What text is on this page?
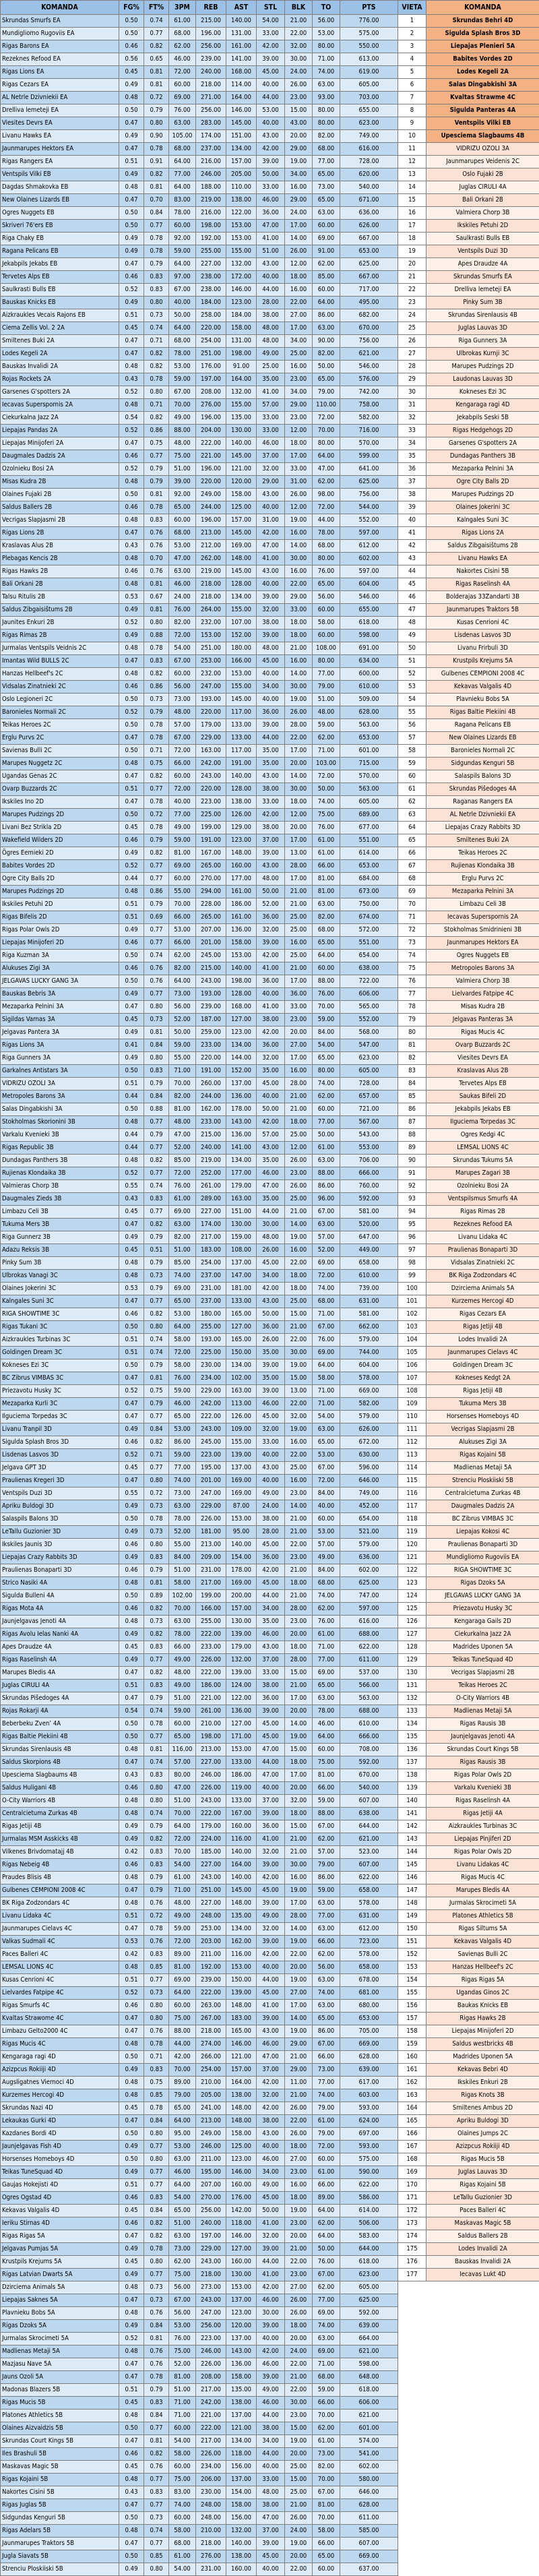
KOMANDA	FG%	FT%	3PM	REB	AST	STL	BLK	TO	PTS
Skrundas Smurfs EA	0.50	0.74	61.00	215.00	140.00	54.00	21.00	56.00	776.00
Mundigliomo Rugoviis EA	0.50	0.77	68.00	196.00	131.00	33.00	22.00	53.00	575.00
Rigas Barons EA	0.46	0.82	62.00	256.00	161.00	42.00	32.00	80.00	550.00
Rezeknes Refood EA	0.56	0.65	46.00	239.00	141.00	39.00	30.00	71.00	613.00
Rigas Lions EA	0.45	0.81	72.00	240.00	168.00	45.00	24.00	74.00	619.00
Rigas Cezars EA	0.49	0.81	60.00	218.00	114.00	40.00	26.00	63.00	605.00
AL Netrle Dzivniekii EA	0.48	0.72	69.00	271.00	164.00	44.00	23.00	93.00	703.00
Drelliva lemeteji EA	0.50	0.79	76.00	256.00	146.00	53.00	15.00	80.00	655.00
Viesites Devrs EA	0.47	0.80	63.00	283.00	145.00	40.00	43.00	80.00	623.00
Livanu Hawks EA	0.49	0.90	105.00	174.00	151.00	43.00	20.00	82.00	749.00
Jaunmarupes Hektors EA	0.47	0.78	68.00	237.00	134.00	42.00	29.00	68.00	616.00
Rigas Rangers EA	0.51	0.91	64.00	216.00	157.00	39.00	19.00	77.00	728.00
Ventspils Vilki EB	0.49	0.82	77.00	246.00	205.00	50.00	34.00	65.00	620.00
Dagdas Shmakovka EB	0.48	0.81	64.00	188.00	110.00	33.00	16.00	73.00	540.00
New Olaines Lizards EB	0.47	0.70	83.00	219.00	138.00	46.00	29.00	65.00	671.00
Ogres Nuggets EB	0.50	0.84	78.00	216.00	122.00	36.00	24.00	63.00	636.00
Skriveri 76'ers EB	0.50	0.77	60.00	198.00	153.00	47.00	17.00	60.00	626.00
Riga Chaky EB	0.49	0.78	92.00	192.00	153.00	41.00	14.00	69.00	667.00
Ragana Pelicans EB	0.49	0.78	59.00	255.00	155.00	51.00	26.00	91.00	653.00
Jekabpils Jekabs EB	0.47	0.79	64.00	227.00	132.00	43.00	12.00	62.00	625.00
Tervetes Alps EB	0.46	0.83	97.00	238.00	172.00	40.00	18.00	85.00	667.00
Saulkrasti Bulls EB	0.52	0.83	67.00	238.00	146.00	44.00	16.00	60.00	717.00
Bauskas Knicks EB	0.49	0.80	40.00	184.00	123.00	28.00	22.00	64.00	495.00
Aizkraukles Vecais Rajons EB	0.51	0.73	50.00	258.00	184.00	38.00	27.00	86.00	682.00
Ciema Zellis Vol. 2 2A	0.45	0.74	64.00	220.00	158.00	48.00	17.00	63.00	670.00
Smiltenes Buki 2A	0.47	0.71	68.00	254.00	131.00	48.00	34.00	90.00	756.00
Lodes Kegeli 2A	0.47	0.82	78.00	251.00	198.00	49.00	25.00	82.00	621.00
Bauskas Invalidi 2A	0.48	0.82	53.00	176.00	91.00	25.00	16.00	50.00	546.00
Rojas Rockets 2A	0.43	0.78	59.00	197.00	164.00	35.00	23.00	65.00	576.00
Garsenes G'spotters 2A	0.52	0.80	67.00	208.00	132.00	41.00	34.00	79.00	742.00
Iecavas Superspornis 2A	0.48	0.71	70.00	276.00	155.00	57.00	29.00	110.00	758.00
Ciekurkalna Jazz 2A	0.54	0.82	49.00	196.00	135.00	33.00	23.00	72.00	582.00
Liepajas Pandas 2A	0.52	0.86	88.00	204.00	130.00	33.00	12.00	70.00	716.00
Liepajas Minijoferi 2A	0.47	0.75	48.00	222.00	140.00	46.00	18.00	80.00	570.00
Daugmales Dadzis 2A	0.46	0.77	75.00	221.00	145.00	37.00	17.00	64.00	599.00
Ozolnieku Bosi 2A	0.52	0.79	51.00	196.00	121.00	32.00	33.00	47.00	641.00
Misas Kudra 2B	0.48	0.79	39.00	220.00	120.00	29.00	31.00	62.00	625.00
Olaines Fujaki 2B	0.50	0.81	92.00	249.00	158.00	43.00	26.00	98.00	756.00
Saldus Ballers 2B	0.46	0.78	65.00	244.00	125.00	40.00	12.00	72.00	544.00
Vecrigas Slapjasmi 2B	0.48	0.83	60.00	196.00	157.00	31.00	19.00	44.00	552.00
Rigas Lions 2B	0.47	0.76	68.00	213.00	145.00	42.00	16.00	78.00	597.00
Kraslavas Alus 2B	0.43	0.76	53.00	212.00	169.00	47.00	14.00	68.00	612.00
Plebagas Kencis 2B	0.48	0.70	47.00	262.00	148.00	41.00	30.00	80.00	602.00
Rigas Hawks 2B	0.46	0.76	63.00	219.00	145.00	43.00	16.00	76.00	597.00
Bali Orkani 2B	0.48	0.81	46.00	218.00	128.00	40.00	22.00	65.00	604.00
Talsu Ritulis 2B	0.53	0.67	24.00	218.00	134.00	39.00	29.00	56.00	546.00
Saldus Zibgaisištums 2B	0.49	0.81	76.00	264.00	155.00	32.00	33.00	60.00	655.00
Jaunites Enkuri 2B	0.52	0.80	82.00	232.00	107.00	38.00	18.00	58.00	618.00
Rigas Rimas 2B	0.49	0.88	72.00	153.00	152.00	39.00	18.00	60.00	598.00
Jurmalas Ventspils Veidnis 2C	0.48	0.78	54.00	251.00	180.00	48.00	21.00	108.00	691.00
Imantas Wild BULLS 2C	0.47	0.83	67.00	253.00	166.00	45.00	16.00	80.00	634.00
Hanzas Hellbeef's 2C	0.48	0.82	60.00	232.00	153.00	40.00	14.00	77.00	600.00
Vidsalas Zinatnieki 2C	0.46	0.86	56.00	247.00	155.00	34.00	30.00	79.00	610.00
Oslo Legioneri 2C	0.50	0.73	73.00	193.00	145.00	40.00	19.00	51.00	509.00
Baronieles Normali 2C	0.52	0.79	48.00	220.00	117.00	36.00	26.00	48.00	628.00
Teikas Heroes 2C	0.50	0.78	57.00	179.00	133.00	39.00	28.00	59.00	563.00
Erglu Purvs 2C	0.47	0.78	67.00	229.00	133.00	44.00	22.00	62.00	653.00
Savienas Bulli 2C	0.50	0.71	72.00	163.00	117.00	35.00	17.00	71.00	601.00
Marupes Nuggetz 2C	0.48	0.75	66.00	242.00	191.00	35.00	20.00	103.00	715.00
Ugandas Genas 2C	0.47	0.82	60.00	243.00	140.00	43.00	14.00	72.00	570.00
Ovarp Buzzards 2C	0.51	0.77	72.00	220.00	128.00	38.00	30.00	50.00	563.00
Ikskiles Ino 2D	0.47	0.78	40.00	223.00	138.00	33.00	18.00	74.00	605.00
Marupes Pudzings 2D	0.50	0.72	77.00	225.00	126.00	42.00	12.00	75.00	689.00
Livani Bez Strikla 2D	0.45	0.78	49.00	199.00	129.00	38.00	20.00	76.00	677.00
Wakefield Wilders 2D	0.46	0.79	59.00	191.00	123.00	37.00	17.00	61.00	551.00
Ögres Eemieki 2D	0.49	0.82	81.00	167.00	148.00	39.00	13.00	61.00	614.00
Babites Vordes 2D	0.52	0.77	69.00	265.00	160.00	43.00	28.00	66.00	653.00
Ogre City Balls 2D	0.44	0.77	60.00	270.00	177.00	48.00	17.00	81.00	684.00
Marupes Pudzings 2D	0.48	0.86	55.00	294.00	161.00	50.00	21.00	81.00	673.00
Ikskiles Petuhi 2D	0.51	0.79	70.00	228.00	186.00	52.00	21.00	63.00	750.00
Rigas Bifelis 2D	0.51	0.69	66.00	265.00	161.00	36.00	25.00	82.00	674.00
Rigas Polar Owls 2D	0.49	0.77	53.00	207.00	136.00	32.00	25.00	68.00	572.00
Liepajas Minijoferi 2D	0.46	0.77	66.00	201.00	158.00	39.00	16.00	65.00	551.00
Riga Kuzman 3A	0.50	0.74	62.00	245.00	153.00	42.00	25.00	64.00	654.00
Alukuses Zigi 3A	0.46	0.76	82.00	215.00	140.00	41.00	21.00	60.00	638.00
JELGAVAS LUCKY GANG 3A	0.50	0.76	64.00	243.00	198.00	36.00	17.00	88.00	722.00
Bauskas Bebris 3A	0.49	0.77	73.00	193.00	128.00	40.00	36.00	76.00	606.00
Mezaparka Pelnini 3A	0.47	0.80	56.00	239.00	168.00	41.00	33.00	70.00	565.00
Sigildas Varnas 3A	0.45	0.73	52.00	187.00	127.00	38.00	23.00	59.00	552.00
Jelgavas Pantera 3A	0.49	0.81	50.00	259.00	123.00	42.00	20.00	84.00	568.00
Rigas Lions 3A	0.41	0.84	59.00	233.00	134.00	36.00	27.00	54.00	547.00
Riga Gunners 3A	0.49	0.80	55.00	220.00	144.00	32.00	17.00	65.00	623.00
Garkalnes Antistars 3A	0.50	0.83	71.00	191.00	152.00	35.00	16.00	80.00	605.00
VIDRIZU OZOLI 3A	0.51	0.79	70.00	260.00	137.00	45.00	28.00	74.00	728.00
Metropoles Barons 3A	0.44	0.84	82.00	244.00	136.00	40.00	21.00	62.00	657.00
Salas Dingabkishi 3A	0.50	0.88	81.00	162.00	178.00	50.00	21.00	60.00	721.00
Stokholmas Skorionini 3B	0.48	0.77	48.00	233.00	143.00	42.00	18.00	77.00	567.00
Varkalu Kvenieki 3B	0.44	0.79	47.00	215.00	136.00	57.00	25.00	50.00	543.00
Rigas Republic 3B	0.44	0.77	52.00	240.00	141.00	43.00	12.00	61.00	553.00
Dundagas Panthers 3B	0.48	0.82	85.00	219.00	134.00	35.00	26.00	63.00	706.00
Rujienas Klondaika 3B	0.52	0.77	72.00	252.00	177.00	46.00	23.00	88.00	666.00
Valmieras Chorp 3B	0.55	0.74	76.00	261.00	179.00	47.00	26.00	86.00	760.00
Daugmales Zieds 3B	0.43	0.83	61.00	289.00	163.00	35.00	25.00	96.00	592.00
Limbazu Celi 3B	0.45	0.77	69.00	227.00	151.00	44.00	21.00	67.00	581.00
Tukuma Mers 3B	0.47	0.82	63.00	174.00	130.00	30.00	14.00	63.00	520.00
Riga Gunnerz 3B	0.49	0.79	82.00	217.00	159.00	48.00	19.00	57.00	647.00
Adazu Reksis 3B	0.45	0.51	51.00	183.00	108.00	26.00	16.00	52.00	449.00
Pinky Sum 3B	0.48	0.79	85.00	254.00	137.00	45.00	22.00	69.00	658.00
Ulbrokas Vanagi 3C	0.48	0.73	74.00	237.00	147.00	34.00	18.00	72.00	610.00
Olaines Jokerini 3C	0.53	0.79	69.00	231.00	181.00	42.00	18.00	74.00	739.00
Kalngales Suni 3C	0.47	0.77	65.00	237.00	133.00	43.00	25.00	68.00	631.00
RIGA SHOWTIME 3C	0.46	0.82	53.00	180.00	165.00	50.00	15.00	71.00	581.00
Rigas Tukani 3C	0.50	0.80	64.00	255.00	127.00	36.00	21.00	67.00	662.00
Aizkraukles Turbinas 3C	0.51	0.74	58.00	193.00	165.00	26.00	22.00	76.00	579.00
Goldingen Dream 3C	0.51	0.74	72.00	225.00	150.00	35.00	30.00	69.00	744.00
Kokneses Ezi 3C	0.50	0.79	58.00	230.00	134.00	39.00	19.00	64.00	604.00
BC Zibrus VIMBAS 3C	0.47	0.81	76.00	234.00	102.00	35.00	15.00	58.00	578.00
Priezavotu Husky 3C	0.52	0.75	59.00	229.00	163.00	39.00	13.00	71.00	669.00
Mezaparka Kurli 3C	0.47	0.79	46.00	242.00	113.00	46.00	22.00	71.00	582.00
Ilguciema Torpedas 3C	0.47	0.77	65.00	222.00	126.00	45.00	32.00	54.00	579.00
Livanu Tranpil 3D	0.49	0.84	53.00	243.00	109.00	32.00	19.00	63.00	626.00
Sigulda Splash Bros 3D	0.46	0.82	86.00	245.00	155.00	33.00	16.00	65.00	672.00
Lisdenas Lasvos 3D	0.52	0.71	59.00	223.00	139.00	40.00	22.00	53.00	630.00
Jelgava GPT 3D	0.45	0.77	77.00	195.00	137.00	43.00	25.00	67.00	596.00
Praulienas Kregeri 3D	0.47	0.80	74.00	201.00	169.00	40.00	16.00	72.00	646.00
Ventspils Duzi 3D	0.55	0.72	73.00	247.00	169.00	49.00	23.00	84.00	749.00
Apriku Buldogi 3D	0.49	0.73	63.00	229.00	87.00	24.00	14.00	40.00	452.00
Salaspils Balons 3D	0.50	0.78	78.00	226.00	153.00	38.00	21.00	60.00	654.00
LeTallu Guzionier 3D	0.49	0.73	52.00	181.00	95.00	28.00	21.00	53.00	521.00
Ikskiles Jaunis 3D	0.46	0.80	55.00	213.00	140.00	45.00	22.00	57.00	579.00
Liepajas Crazy Rabbits 3D	0.49	0.83	84.00	209.00	154.00	36.00	23.00	49.00	636.00
Praulienas Bonaparti 3D	0.46	0.79	51.00	231.00	178.00	42.00	21.00	84.00	602.00
Strico Nasiki 4A	0.48	0.81	58.00	217.00	169.00	45.00	18.00	68.00	625.00
Sigulda Bulleni 4A	0.50	0.89	102.00	199.00	200.00	44.00	21.00	74.00	747.00
Rigas Mota 4A	0.46	0.82	70.00	166.00	157.00	34.00	28.00	62.00	597.00
Jaunjelgavas Jenoti 4A	0.48	0.73	63.00	255.00	130.00	35.00	23.00	76.00	616.00
Rigas Avolu Ielas Nanki 4A	0.49	0.82	78.00	222.00	139.00	46.00	20.00	61.00	688.00
Apes Draudze 4A	0.45	0.83	66.00	233.00	179.00	43.00	18.00	71.00	622.00
Rigas Raselinsh 4A	0.49	0.77	49.00	226.00	132.00	37.00	28.00	77.00	611.00
Marupes Bledis 4A	0.47	0.82	48.00	222.00	139.00	33.00	15.00	69.00	537.00
Juglas CIRULI 4A	0.51	0.83	49.00	186.00	124.00	38.00	21.00	65.00	566.00
Skrundas Pišedoges 4A	0.47	0.79	51.00	221.00	122.00	36.00	17.00	63.00	563.00
Rojas Rokarji 4A	0.54	0.74	59.00	261.00	136.00	39.00	20.00	78.00	688.00
Beberbeku Zven’ 4A	0.50	0.78	60.00	210.00	127.00	45.00	14.00	46.00	610.00
Rigas Baltie Plekiini 4B	0.50	0.77	65.00	198.00	171.00	45.00	19.00	64.00	666.00
Skrundas Sirenlausis 4B	0.48	0.81	116.00	213.00	153.00	47.00	15.00	60.00	708.00
Saldus Skorpions 4B	0.47	0.74	57.00	227.00	133.00	44.00	18.00	75.00	592.00
Upesciema Slagbaums 4B	0.43	0.83	80.00	246.00	186.00	47.00	17.00	81.00	670.00
Saldus Huligani 4B	0.46	0.80	47.00	226.00	119.00	40.00	20.00	66.00	540.00
O-City Warriors 4B	0.48	0.80	51.00	243.00	133.00	37.00	32.00	59.00	607.00
Centralcietuma Zurkas 4B	0.48	0.74	70.00	222.00	167.00	39.00	18.00	88.00	638.00
Rigas Jetiji 4B	0.49	0.79	64.00	179.00	160.00	36.00	15.00	67.00	644.00
Jurmalas MSM Asskicks 4B	0.49	0.82	72.00	224.00	116.00	41.00	21.00	62.00	621.00
Vilkenes Brivdomatajj 4B	0.42	0.83	70.00	185.00	140.00	32.00	21.00	57.00	523.00
Rigas Nebeig 4B	0.46	0.83	54.00	227.00	164.00	39.00	30.00	79.00	607.00
Praudes Blisis 4B	0.48	0.79	61.00	243.00	140.00	42.00	16.00	86.00	622.00
Gulbenes CEMPIONI 2008 4C	0.47	0.79	71.00	251.00	145.00	45.00	19.00	59.00	658.00
BK Riga Zodzondars 4C	0.48	0.76	48.00	227.00	148.00	39.00	17.00	63.00	578.00
Livanu Lidaka 4C	0.51	0.72	49.00	248.00	135.00	49.00	28.00	77.00	631.00
Jaunmarupes Cielavs 4C	0.47	0.78	59.00	253.00	134.00	32.00	14.00	63.00	612.00
Valkas Sudmali 4C	0.53	0.76	72.00	203.00	162.00	39.00	19.00	66.00	723.00
Paces Balleri 4C	0.42	0.83	89.00	211.00	116.00	42.00	22.00	62.00	578.00
LEMSAL LIONS 4C	0.48	0.85	81.00	192.00	153.00	40.00	20.00	56.00	658.00
Kusas Cenrioni 4C	0.51	0.77	69.00	239.00	150.00	44.00	19.00	63.00	678.00
Lielvardes Fatpipe 4C	0.52	0.73	64.00	222.00	139.00	45.00	27.00	74.00	681.00
Rigas Smurfs 4C	0.46	0.80	60.00	263.00	148.00	41.00	17.00	63.00	680.00
Kvaltas Strawome 4C	0.47	0.80	75.00	267.00	183.00	39.00	14.00	65.00	653.00
Limbazu Gelto2000 4C	0.47	0.76	88.00	218.00	165.00	43.00	19.00	86.00	705.00
Rigas Mucis 4C	0.48	0.78	44.00	274.00	146.00	46.00	29.00	67.00	669.00
Kengaraga ragi 4D	0.50	0.71	42.00	266.00	121.00	47.00	21.00	66.00	628.00
Azizpcus Rokiiji 4D	0.49	0.83	70.00	254.00	157.00	37.00	29.00	73.00	639.00
Augsligatnes Viernoci 4D	0.48	0.75	89.00	210.00	164.00	42.00	11.00	77.00	617.00
Kurzemes Hercogi 4D	0.48	0.85	79.00	205.00	138.00	32.00	21.00	74.00	603.00
Skrundas Nazi 4D	0.45	0.78	65.00	241.00	148.00	42.00	26.00	79.00	593.00
Lekaukas Gurki 4D	0.47	0.84	64.00	213.00	148.00	38.00	22.00	61.00	624.00
Kazdanes Bordi 4D	0.50	0.80	95.00	249.00	158.00	43.00	26.00	79.00	697.00
Jaunjelgavas Fish 4D	0.49	0.77	53.00	246.00	125.00	40.00	18.00	72.00	593.00
Horsenses Homeboys 4D	0.50	0.80	63.00	211.00	123.00	46.00	27.00	60.00	575.00
Teikas TuneSquad 4D	0.49	0.77	46.00	195.00	146.00	34.00	23.00	61.00	590.00
Gaujas Hokejisti 4D	0.51	0.77	64.00	207.00	160.00	49.00	16.00	66.00	622.00
Ogres Ogstad 4D	0.46	0.83	54.00	270.00	176.00	45.00	18.00	89.00	586.00
Kekavas Valgalis 4D	0.45	0.84	65.00	256.00	142.00	50.00	19.00	64.00	614.00
Ieriku Stirnas 4D	0.46	0.82	51.00	240.00	118.00	41.00	23.00	62.00	506.00
Rigas Rigas 5A	0.47	0.82	63.00	197.00	146.00	32.00	20.00	64.00	583.00
Jelgavas Pumjas 5A	0.49	0.78	73.00	229.00	127.00	39.00	21.00	50.00	644.00
Krustpils Krejums 5A	0.45	0.80	62.00	243.00	160.00	44.00	22.00	76.00	618.00
Rigas Latvian Dwarts 5A	0.49	0.77	75.00	218.00	130.00	41.00	23.00	67.00	623.00
Dzirciema Animals 5A	0.48	0.73	56.00	273.00	153.00	42.00	27.00	62.00	605.00
Liepajas Saknes 5A	0.47	0.73	67.00	243.00	137.00	46.00	26.00	77.00	625.00
Plavnieku Bobs 5A	0.48	0.76	56.00	247.00	123.00	30.00	26.00	69.00	592.00
Rigas Dzoks 5A	0.49	0.84	53.00	256.00	120.00	39.00	18.00	74.00	639.00
Jurmalas Skrocimeti 5A	0.52	0.81	76.00	223.00	137.00	40.00	20.00	63.00	664.00
Madlienas Metaji 5A	0.48	0.76	75.00	246.00	143.00	42.00	24.00	69.00	621.00
Mazjasu Nave 5A	0.47	0.76	52.00	226.00	136.00	46.00	22.00	71.00	598.00
Jauns Ozoli 5A	0.47	0.78	81.00	208.00	158.00	39.00	21.00	68.00	648.00
Madonas Blazers 5B	0.51	0.79	51.00	217.00	135.00	49.00	22.00	59.00	618.00
Rigas Mucis 5B	0.45	0.83	71.00	242.00	138.00	46.00	30.00	66.00	606.00
Platones Athletics 5B	0.48	0.84	71.00	221.00	137.00	44.00	23.00	70.00	621.00
Olaines Aizvaidzis 5B	0.50	0.77	60.00	222.00	121.00	38.00	15.00	62.00	601.00
Skrundas Court Kings 5B	0.47	0.81	54.00	217.00	134.00	34.00	19.00	61.00	574.00
Iles Brashuli 5B	0.46	0.82	58.00	226.00	118.00	44.00	20.00	73.00	541.00
Maskavas Magic 5B	0.45	0.76	60.00	234.00	156.00	40.00	25.00	82.00	602.00
Rigas Kojaini 5B	0.48	0.77	75.00	206.00	137.00	33.00	15.00	70.00	580.00
Nakortes Cisini 5B	0.43	0.83	83.00	230.00	154.00	48.00	25.00	67.00	646.00
Rigas Juglas 5B	0.47	0.77	74.00	248.00	158.00	38.00	21.00	81.00	628.00
Sidgundas Kenguri 5B	0.50	0.73	60.00	248.00	156.00	47.00	26.00	70.00	611.00
Rigas Adelars 5B	0.48	0.74	58.00	210.00	132.00	37.00	24.00	58.00	585.00
Jaunmarupes Traktors 5B	0.47	0.77	68.00	218.00	140.00	39.00	19.00	66.00	607.00
Jugla Siavats 5B	0.50	0.85	61.00	276.00	138.00	45.00	20.00	65.00	669.00
Strenciu Ploskiiski 5B	0.49	0.80	54.00	231.00	160.00	40.00	22.00	60.00	637.00
VIETA	KOMANDA
1	Skrundas Behri 4D
2	Sigulda Splash Bros 3D
3	Liepajas Plenieri 5A
4	Babites Vordes 2D
5	Lodes Kegeli 2A
6	Salas Dingabkishi 3A
7	Kvaltas Strawme 4C
8	Sigulda Panteras 4A
9	Ventspils Vilki EB
10	Upesciema Slagbaums 4B
11	VIDRIZU OZOLI 3A
12	Jaunmarupes Veidenis 2C
13	Oslo Fujaki 2B
14	Juglas CIRULI 4A
15	Bali Orkani 2B
16	Valmiera Chorp 3B
17	Ikskiles Petuhi 2D
18	Saulkrasti Bulls EB
19	Ventspils Duzi 3D
20	Apes Draudze 4A
21	Skrundas Smurfs EA
22	Drelliva lemeteji EA
23	Pinky Sum 3B
24	Skrundas Sirenlausis 4B
25	Juglas Lauvas 3D
26	Riga Gunners 3A
27	Ulbrokas Kurnji 3C
28	Marupes Pudzings 2D
29	Laudonas Lauvas 3D
30	Kokneses Ezi 3C
31	Kengaraga ragi 4D
32	Jekabpils Seski 5B
33	Rigas Hedgehogs 2D
34	Garsenes G'spotters 2A
35	Dundagas Panthers 3B
36	Mezaparka Pelnini 3A
37	Ogre City Balls 2D
38	Marupes Pudzings 2D
39	Olaines Jokerini 3C
40	Kalngales Suni 3C
41	Rigas Lions 2A
42	Saldus Zibgaisištums 2B
43	Livanu Hawks EA
44	Nakortes Cisini 5B
45	Rigas Raselinsh 4A
46	Bolderajas 33Zandarti 3B
47	Jaunmarupes Traktors 5B
48	Kusas Cenrioni 4C
49	Lisdenas Lasvos 3D
50	Livanu Frirbuli 3D
51	Krustpils Krejums 5A
52	Gulbenes CEMPIONI 2008 4C
53	Kekavas Valgalis 4D
54	Plavnieku Bobs 5A
55	Rigas Baltie Plekiini 4B
56	Ragana Pelicans EB
57	New Olaines Lizards EB
58	Baronieles Normali 2C
59	Sidgundas Kenguri 5B
60	Salaspils Balons 3D
61	Skrundas Pišedoges 4A
62	Raganas Rangers EA
63	AL Netrle Dzivniekii EA
64	Liepajas Crazy Rabbits 3D
65	Smiltenes Buki 2A
66	Teikas Heroes 2C
67	Rujienas Klondaika 3B
68	Erglu Purvs 2C
69	Mezaparka Pelnini 3A
70	Limbazu Celi 3B
71	Iecavas Superspornis 2A
72	Stokholmas Smidrinieni 3B
73	Jaunmarupes Hektors EA
74	Ogres Nuggets EB
75	Metropoles Barons 3A
76	Valmiera Chorp 3B
77	Lielvardes Fatpipe 4C
78	Misas Kudra 2B
79	Jelgavas Panteras 3A
80	Rigas Mucis 4C
81	Ovarp Buzzards 2C
82	Viesites Devrs EA
83	Kraslavas Alus 2B
84	Tervetes Alps EB
85	Saukas Bifeli 2D
86	Jekabpils Jekabs EB
87	Ilguciema Torpedas 3C
88	Ogres Kedgi 4C
89	LEMSAL LIONS 4C
90	Skrundas Tukums 5A
91	Marupes Zagari 3B
92	Ozolnieku Bosi 2A
93	Ventspilsmus Smurfs 4A
94	Rigas Rimas 2B
95	Rezeknes Refood EA
96	Livanu Lidaka 4C
97	Praulienas Bonaparti 3D
98	Vidsalas Zinatnieki 2C
99	BK Riga Zodzondars 4C
100	Dzirciema Animals 5A
101	Kurzemes Hercogi 4D
102	Rigas Cezars EA
103	Rigas Jetiji 4B
104	Lodes Invalidi 2A
105	Jaunmarupes Cielavs 4C
106	Goldingen Dream 3C
107	Kokneses Kedgt 2A
108	Rigas Jetiji 4B
109	Tukuma Mers 3B
110	Horsenses Homeboys 4D
111	Vecrigas Slapjasmi 2B
112	Alukuses Zigi 3A
113	Rigas Kojaini 5B
114	Madlienas Metaji 5A
115	Strenciu Ploskiiski 5B
116	Centralcietuma Zurkas 4B
117	Daugmales Dadzis 2A
118	BC Zibrus VIMBAS 3C
119	Liepajas Kokosi 4C
120	Praulienas Bonaparti 3D
121	Mundigliomo Rugoviis EA
122	RIGA SHOWTIME 3C
123	Rigas Dzoks 5A
124	JELGAVAS LUCKY GANG 3A
125	Priezavotu Husky 3C
126	Kengaraga Gails 2D
127	Ciekurkalna Jazz 2A
128	Madrides Uponen 5A
129	Teikas TuneSquad 4D
130	Vecrigas Slapjasmi 2B
131	Teikas Heroes 2C
132	O-City Warriors 4B
133	Madlienas Metaji 5A
134	Rigas Rausis 3B
135	Jaunjelgavas Jenoti 4A
136	Skrundas Court Kings 5B
137	Rigas Rausis 3B
138	Rigas Polar Owls 2D
139	Varkalu Kvenieki 3B
140	Rigas Raselinsh 4A
141	Rigas Jetiji 4A
142	Aizkraukles Turbinas 3C
143	Liepajas Pinjiferi 2D
144	Rigas Polar Owls 2D
145	Livanu Lidakas 4C
146	Rigas Mucis 4C
147	Marupes Bledis 4A
148	Jurmalas Skrocimeti 5A
149	Platones Athletics 5B
150	Rigas Siltums 5A
151	Kekavas Valgalis 4D
152	Savienas Bulli 2C
153	Hanzas Hellbeef's 2C
154	Rigas Rigas 5A
155	Ugandas Ginos 2C
156	Baukas Knicks EB
157	Rigas Hawks 2B
158	Liepajas Minijoferi 2D
159	Saldus westbricks 4B
160	Madrides Uponen 5A
161	Kekavas Bebri 4D
162	Ikskiles Enkuri 2B
163	Rigas Knots 3B
164	Smiltenes Ambus 2D
165	Apriku Buldogi 3D
166	Olaines Jumps 2C
167	Azizpcus Rokiiji 4D
168	Rigas Mucis 5B
169	Juglas Lauvas 3D
170	Rigas Kojaini 5B
171	LeTallu Guzionier 3D
172	Paces Balleri 4C
173	Maskavas Magic 5B
174	Saldus Ballers 2B
175	Lodes Invalidi 2A
176	Bauskas Invalidi 2A
177	Iecavas Lukt 4D
